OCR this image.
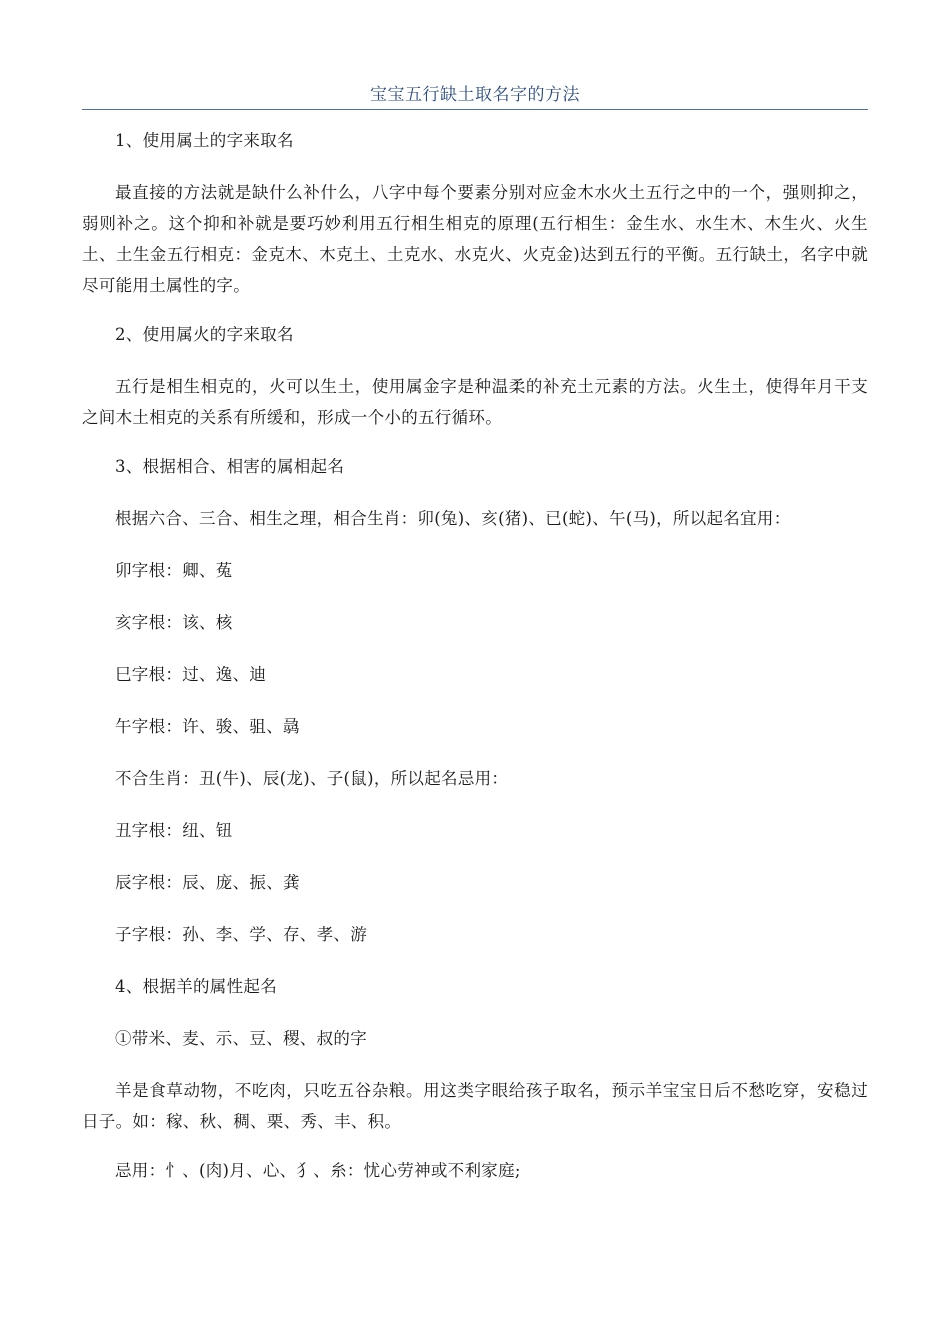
宝宝五行缺土取名字的方法

1、使用属土的字来取名

最直接的方法就是缺什么补什么，八字中每个要素分别对应金木水火土五行之中的一个，强则抑之，弱则补之。这个抑和补就是要巧妙利用五行相生相克的原理(五行相生：金生水、水生木、木生火、火生土、土生金五行相克：金克木、木克土、土克水、水克火、火克金)达到五行的平衡。五行缺土，名字中就尽可能用土属性的字。

2、使用属火的字来取名

五行是相生相克的，火可以生土，使用属金字是种温柔的补充土元素的方法。火生土，使得年月干支之间木土相克的关系有所缓和，形成一个小的五行循环。

3、根据相合、相害的属相起名

根据六合、三合、相生之理，相合生肖：卯(兔)、亥(猪)、已(蛇)、午(马)，所以起名宜用：

卯字根：卿、菟

亥字根：该、核

巳字根：过、逸、迪

午字根：许、骏、驵、骉

不合生肖：丑(牛)、辰(龙)、子(鼠)，所以起名忌用：

丑字根：纽、钮

辰字根：辰、庞、振、龚

子字根：孙、李、学、存、孝、游

4、根据羊的属性起名

①带米、麦、示、豆、稷、叔的字

羊是食草动物，不吃肉，只吃五谷杂粮。用这类字眼给孩子取名，预示羊宝宝日后不愁吃穿，安稳过日子。如：稼、秋、稠、栗、秀、丰、积。

忌用：忄、(肉)月、心、犭、糸：忧心劳神或不利家庭;
